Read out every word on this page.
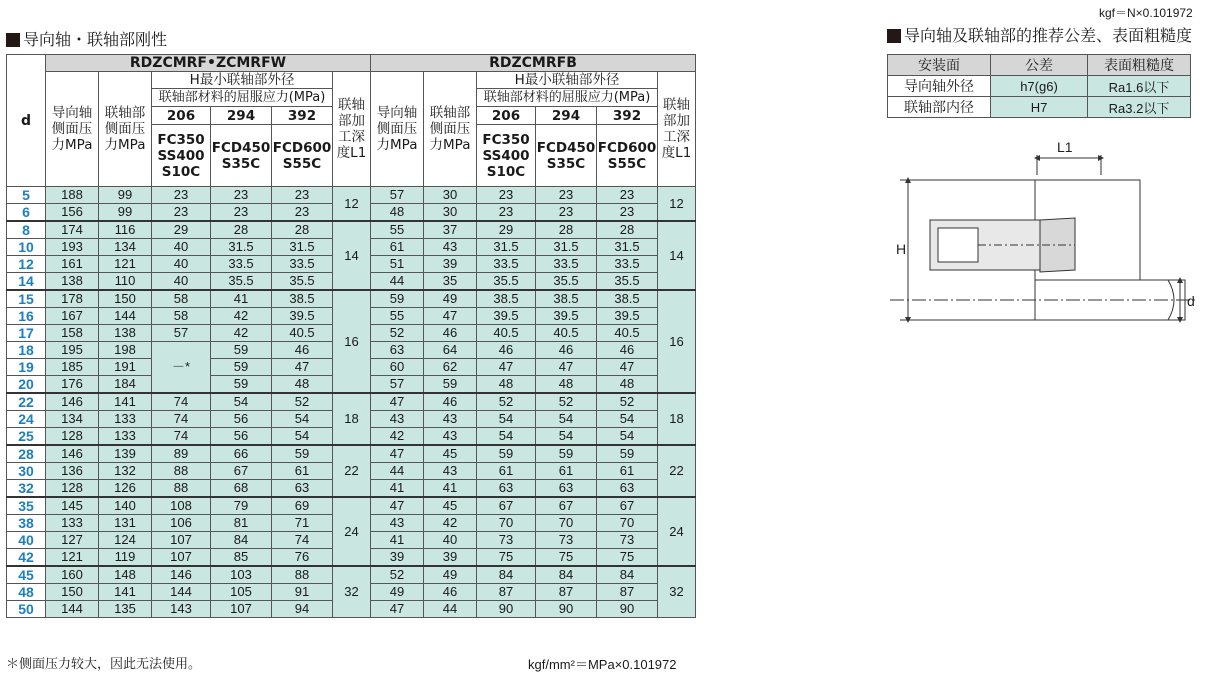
kgf＝N×0.101972
导向轴・联轴部刚性	导向轴及联轴部的推荐公差、表面粗糙度
d	RDZCMRF•ZCMRFW						RDZCMRFB					
	导向轴侧面压力MPa	联轴部侧面压力MPa	H最小联轴部外径			联轴部加工深度L1	导向轴侧面压力MPa	联轴部侧面压力MPa	H最小联轴部外径			联轴部加工深度L1
			联轴部材料的屈服应力(MPa)						联轴部材料的屈服应力(MPa)			
			206	294	392				206	294	392	
			FC350 SS400 S10C	FCD450 S35C	FCD600 S55C				FC350 SS400 S10C	FCD450 S35C	FCD600 S55C	
5	188	99	23	23	23	12	57	30	23	23	23	12
6	156	99	23	23	23		48	30	23	23	23	
8	174	116	29	28	28	14	55	37	29	28	28	14
10	193	134	40	31.5	31.5		61	43	31.5	31.5	31.5	
12	161	121	40	33.5	33.5		51	39	33.5	33.5	33.5	
14	138	110	40	35.5	35.5		44	35	35.5	35.5	35.5	
15	178	150	58	41	38.5	16	59	49	38.5	38.5	38.5	16
16	167	144	58	42	39.5		55	47	39.5	39.5	39.5	
17	158	138	57	42	40.5		52	46	40.5	40.5	40.5	
18	195	198	－*	59	46		63	64	46	46	46	
19	185	191		59	47		60	62	47	47	47	
20	176	184		59	48		57	59	48	48	48	
22	146	141	74	54	52	18	47	46	52	52	52	18
24	134	133	74	56	54		43	43	54	54	54	
25	128	133	74	56	54		42	43	54	54	54	
28	146	139	89	66	59	22	47	45	59	59	59	22
30	136	132	88	67	61		44	43	61	61	61	
32	128	126	88	68	63		41	41	63	63	63	
35	145	140	108	79	69	24	47	45	67	67	67	24
38	133	131	106	81	71		43	42	70	70	70	
40	127	124	107	84	74		41	40	73	73	73	
42	121	119	107	85	76		39	39	75	75	75	
45	160	148	146	103	88	32	52	49	84	84	84	32
48	150	141	144	105	91		49	46	87	87	87	
50	144	135	143	107	94		47	44	90	90	90	
安装面	公差	表面粗糙度
导向轴外径	h7(g6)	Ra1.6以下
联轴部内径	H7	Ra3.2以下
L1
H
d
＊侧面压力较大，因此无法使用。	kgf/mm²＝MPa×0.101972
